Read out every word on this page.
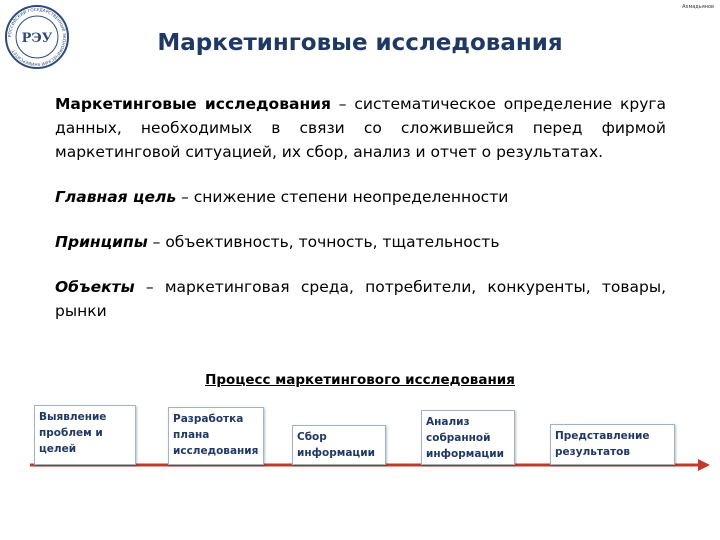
РОССИЙСКИЙ ГОСУДАРСТВЕННЫЙ ЭКОНОМИЧЕСКИЙ УНИВЕРСИТЕТ
РЭУ
Ахмадьянов
Маркетинговые исследования

Маркетинговые исследования – систематическое определение круга данных, необходимых в связи со сложившейся перед фирмой маркетинговой ситуацией, их сбор, анализ и отчет о результатах.

Главная цель – снижение степени неопределенности

Принципы – объективность, точность, тщательность

Объекты – маркетинговая среда, потребители, конкуренты, товары, рынки

Процесс маркетингового исследования
Выявление проблем и целей
Разработка плана исследования
Сбор информации
Анализ собранной информации
Представление результатов
